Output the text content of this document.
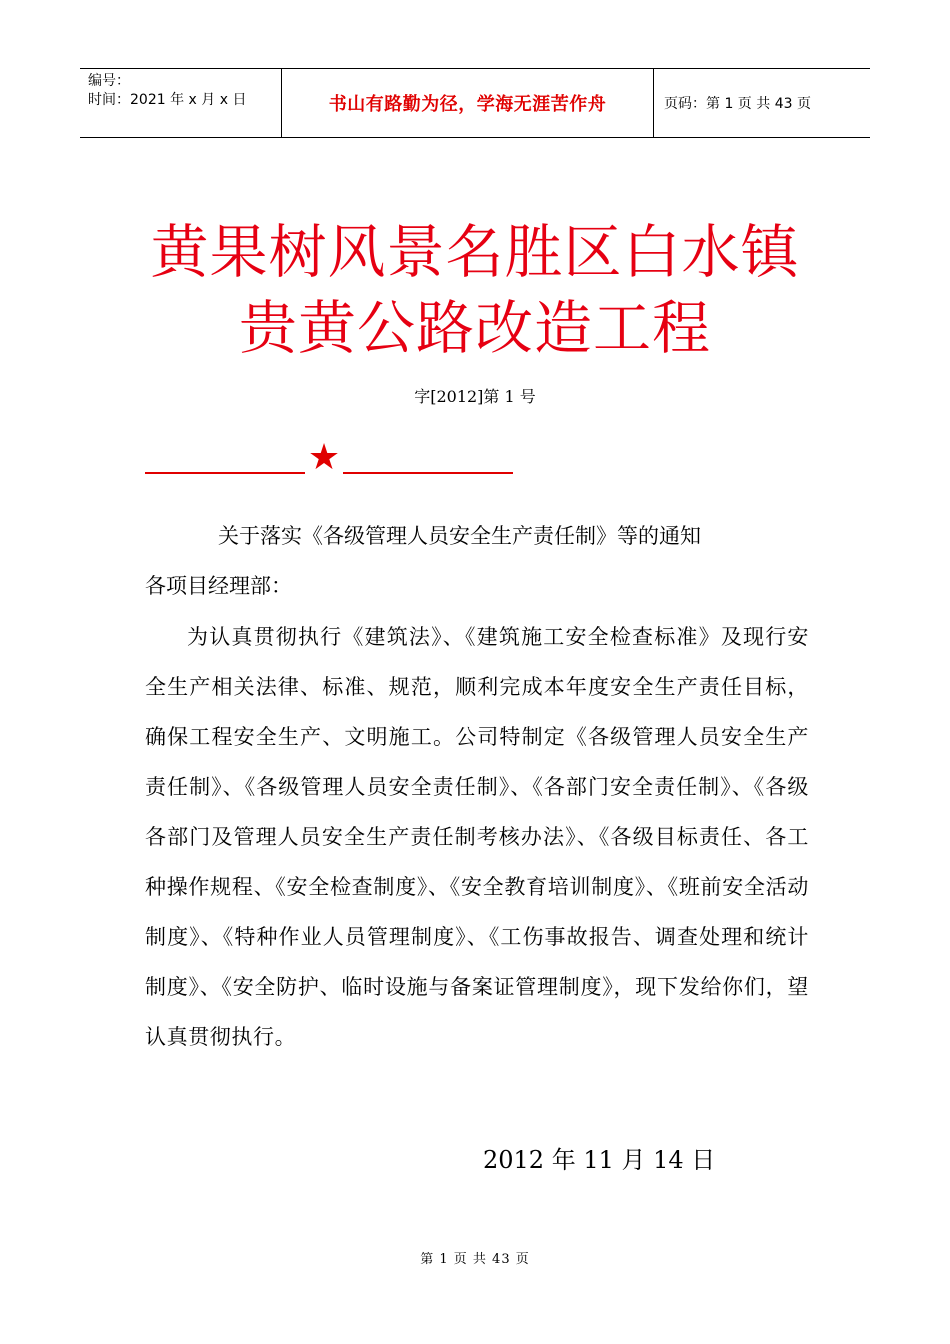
编号：
时间：2021 年 x 月 x 日	书山有路勤为径，学海无涯苦作舟	页码：第 1 页 共 43 页
黄果树风景名胜区白水镇
贵黄公路改造工程
字[2012]第 1 号
★
关于落实《各级管理人员安全生产责任制》等的通知
各项目经理部：
为认真贯彻执行《建筑法》、《建筑施工安全检查标准》及现行安全生产相关法律、标准、规范，顺利完成本年度安全生产责任目标，确保工程安全生产、文明施工。公司特制定《各级管理人员安全生产责任制》、《各级管理人员安全责任制》、《各部门安全责任制》、《各级各部门及管理人员安全生产责任制考核办法》、《各级目标责任、各工种操作规程、《安全检查制度》、《安全教育培训制度》、《班前安全活动制度》、《特种作业人员管理制度》、《工伤事故报告、调查处理和统计制度》、《安全防护、临时设施与备案证管理制度》，现下发给你们，望认真贯彻执行。
2012 年 11 月 14 日
第 1 页 共 43 页
